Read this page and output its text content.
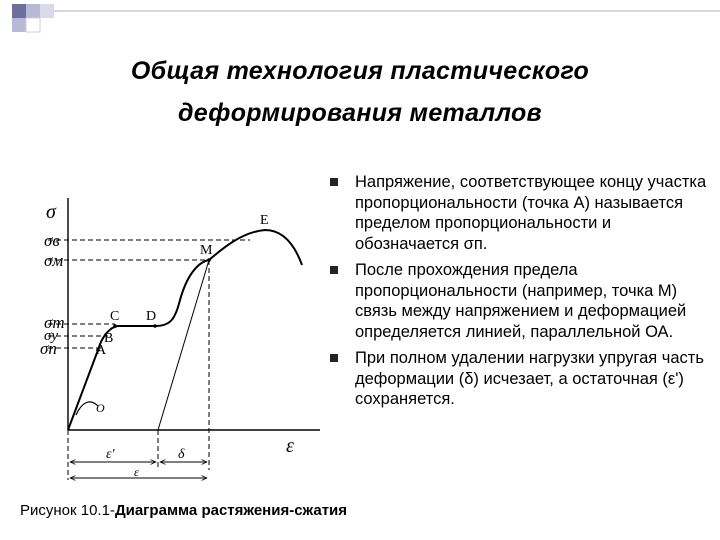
Общая технология пластического
деформирования металлов
Напряжение, соответствующее концу участка пропорциональности (точка А) называется пределом пропорциональности и обозначается σп.
После прохождения предела пропорциональности (например, точка М) связь между напряжением и деформацией определяется линией, параллельной ОА.
При полном удалении нагрузки упругая часть деформации (δ) исчезает, а остаточная (ε') сохраняется.
σ
ε
σв
σм
σт
σу
σп	A
B
C D
M
E
O
ε'	δ
ε
Рисунок 10.1-Диаграмма растяжения-сжатия
